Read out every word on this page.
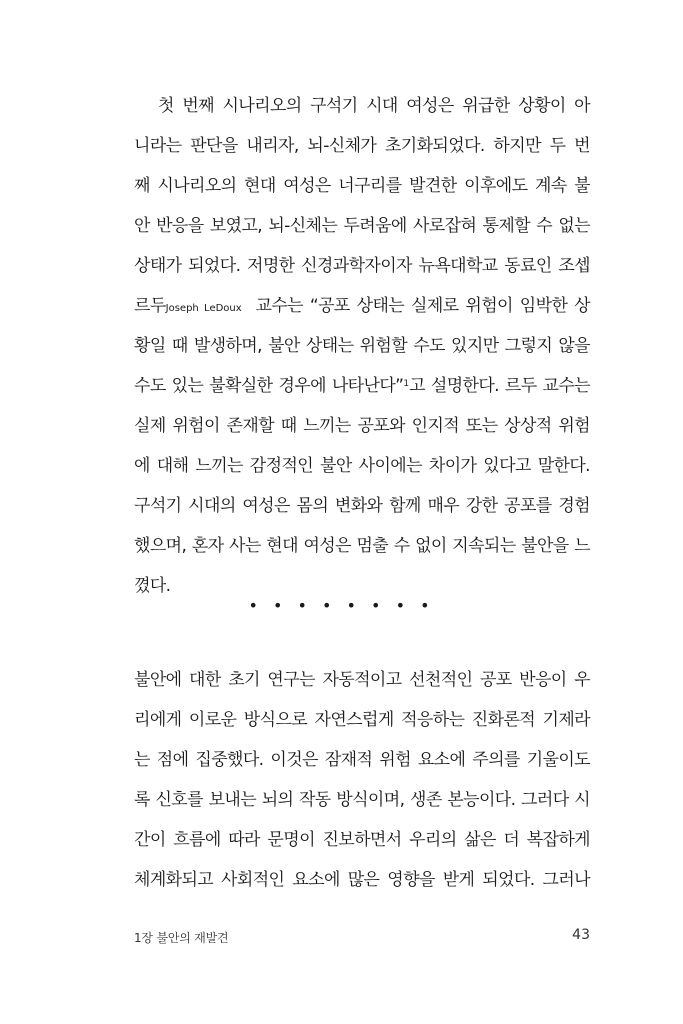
첫 번째 시나리오의 구석기 시대 여성은 위급한 상황이 아
니라는 판단을 내리자, 뇌-신체가 초기화되었다. 하지만 두 번
째 시나리오의 현대 여성은 너구리를 발견한 이후에도 계속 불
안 반응을 보였고, 뇌-신체는 두려움에 사로잡혀 통제할 수 없는
상태가 되었다. 저명한 신경과학자이자 뉴욕대학교 동료인 조셉
르두Joseph LeDoux 교수는 “공포 상태는 실제로 위험이 임박한 상
황일 때 발생하며, 불안 상태는 위험할 수도 있지만 그렇지 않을
수도 있는 불확실한 경우에 나타난다”$^1$고 설명한다. 르두 교수는
실제 위험이 존재할 때 느끼는 공포와 인지적 또는 상상적 위험
에 대해 느끼는 감정적인 불안 사이에는 차이가 있다고 말한다.
구석기 시대의 여성은 몸의 변화와 함께 매우 강한 공포를 경험
했으며, 혼자 사는 현대 여성은 멈출 수 없이 지속되는 불안을 느
꼈다.
• • • • • • • •
불안에 대한 초기 연구는 자동적이고 선천적인 공포 반응이 우
리에게 이로운 방식으로 자연스럽게 적응하는 진화론적 기제라
는 점에 집중했다. 이것은 잠재적 위험 요소에 주의를 기울이도
록 신호를 보내는 뇌의 작동 방식이며, 생존 본능이다. 그러다 시
간이 흐름에 따라 문명이 진보하면서 우리의 삶은 더 복잡하게
체계화되고 사회적인 요소에 많은 영향을 받게 되었다. 그러나
1장 불안의 재발견	43
